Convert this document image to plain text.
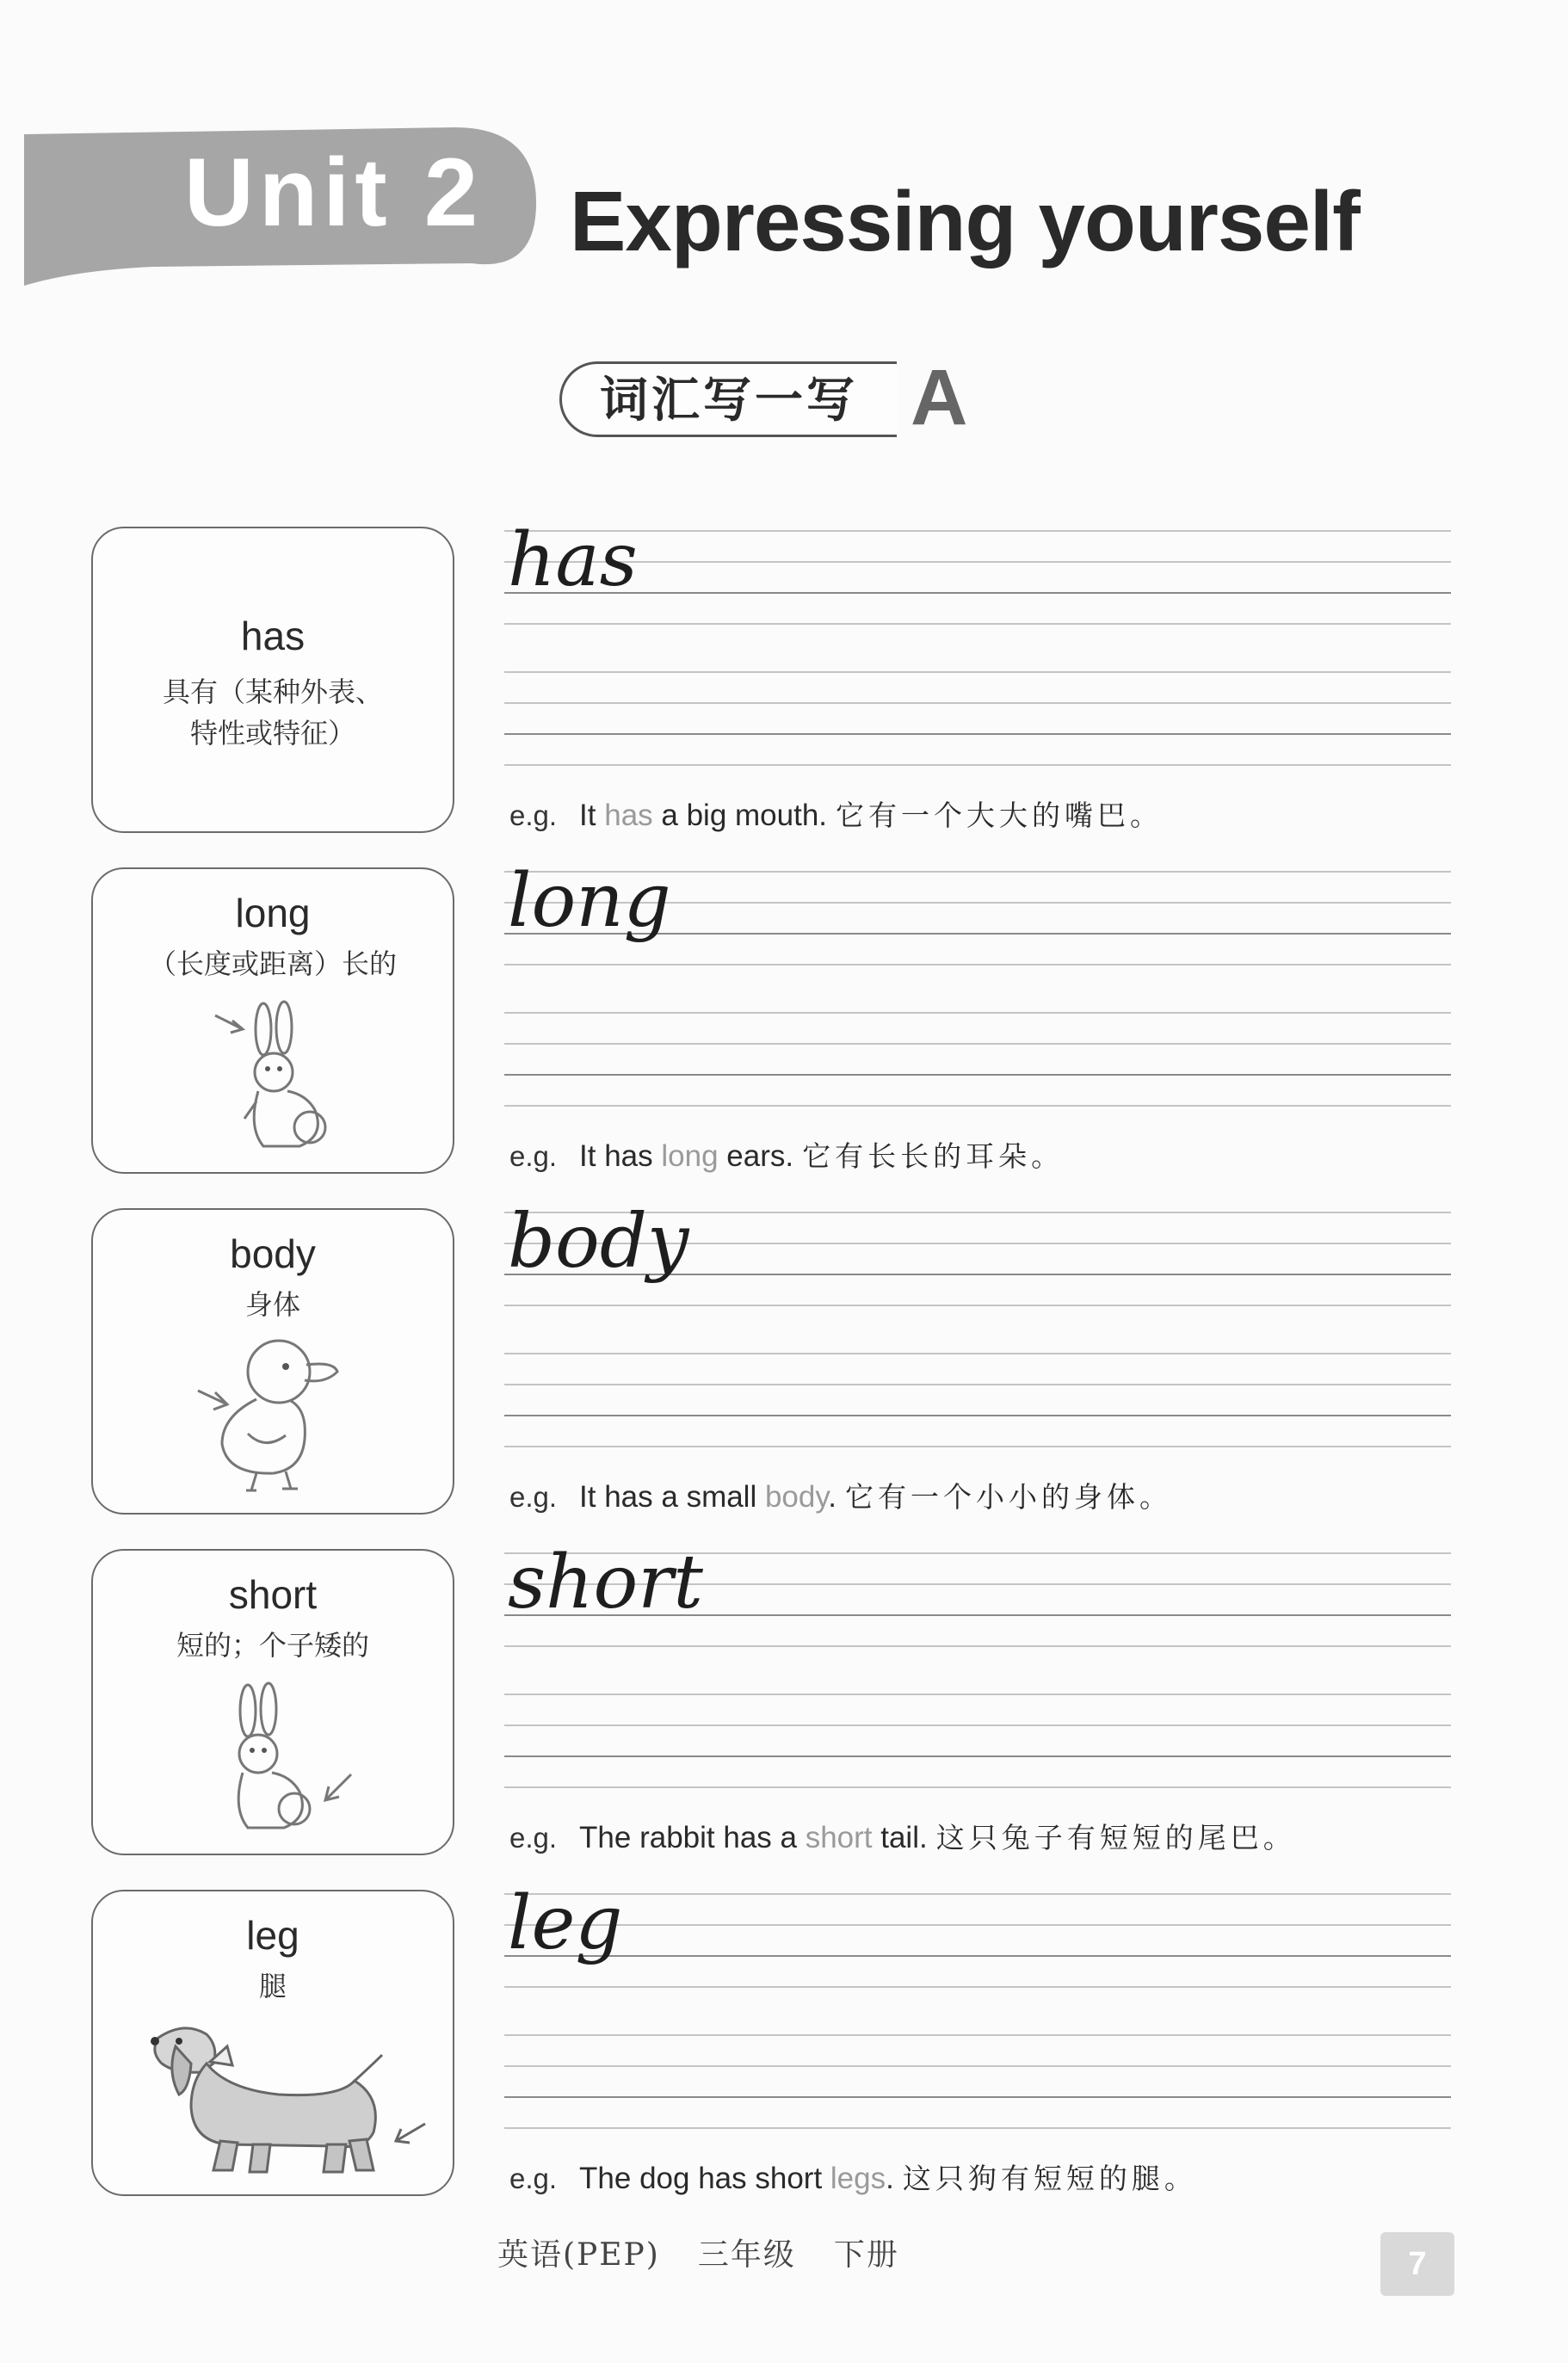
Unit 2 Expressing yourself
词汇写一写 A
has
具有（某种外表、
特性或特征）
has
e.g. It has a big mouth. 它有一个大大的嘴巴。
long
（长度或距离）长的
long
e.g. It has long ears. 它有长长的耳朵。
body
身体
body
e.g. It has a small body. 它有一个小小的身体。
short
短的；个子矮的
short
e.g. The rabbit has a short tail. 这只兔子有短短的尾巴。
leg
腿
leg
e.g. The dog has short legs. 这只狗有短短的腿。
英语(PEP) 三年级 下册	7
